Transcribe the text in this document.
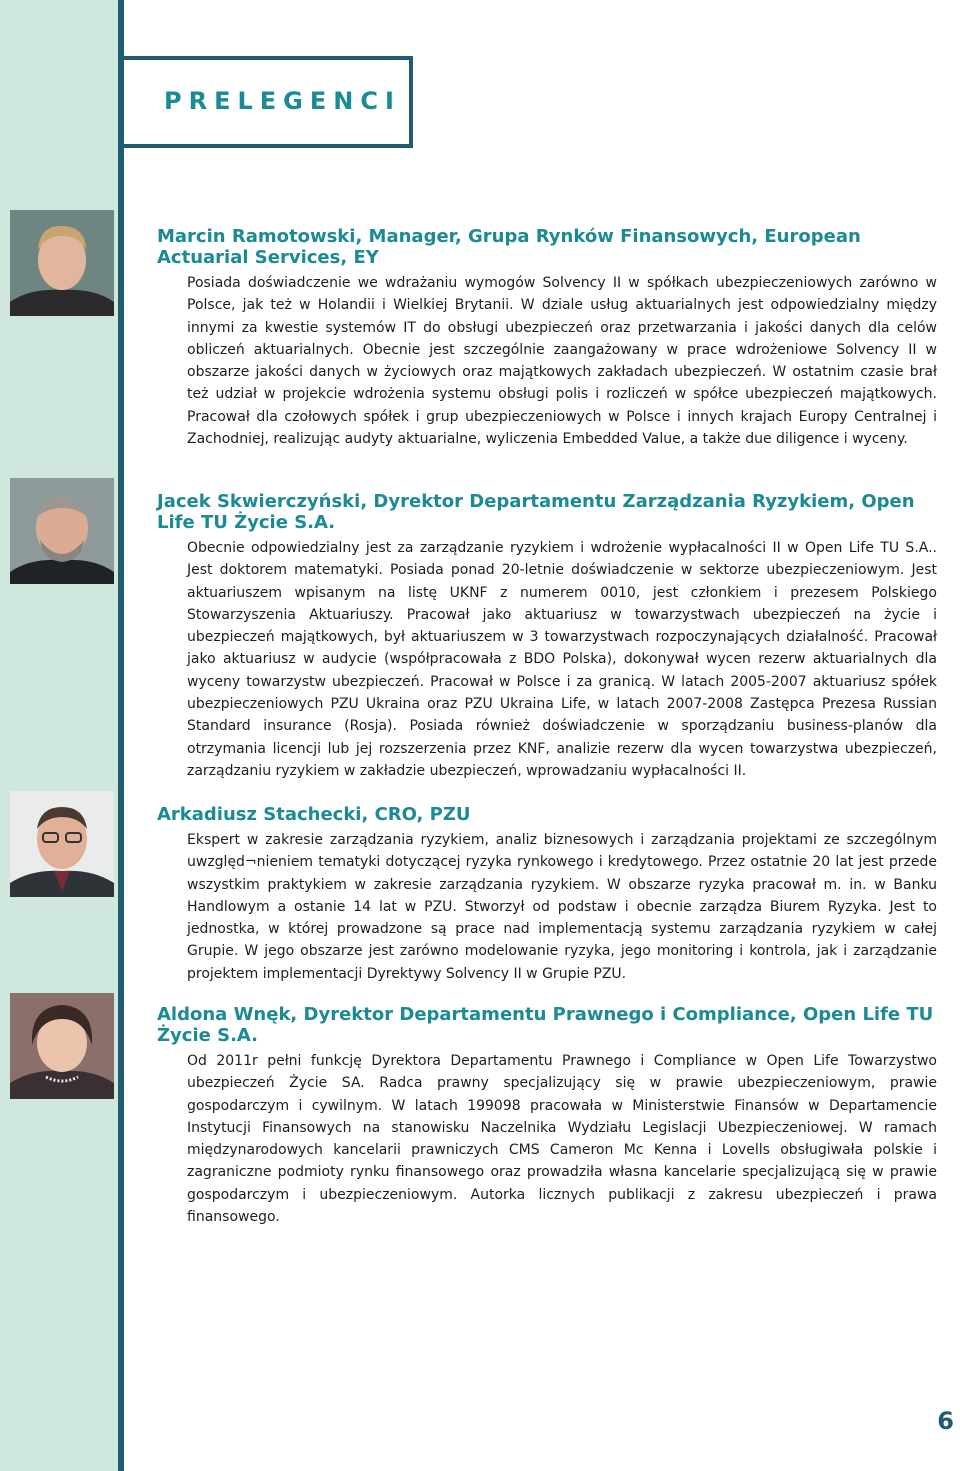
PRELEGENCI

Marcin Ramotowski, Manager, Grupa Rynków Finansowych, European Actuarial Services, EY

Posiada doświadczenie we wdrażaniu wymogów Solvency II w spółkach ubezpieczeniowych zarówno w Polsce, jak też w Holandii i Wielkiej Brytanii. W dziale usług aktuarialnych jest odpowiedzialny między innymi za kwestie systemów IT do obsługi ubezpieczeń oraz przetwarzania i jakości danych dla celów obliczeń aktuarialnych. Obecnie jest szczególnie zaangażowany w prace wdrożeniowe Solvency II w obszarze jakości danych w życiowych oraz majątkowych zakładach ubezpieczeń. W ostatnim czasie brał też udział w projekcie wdrożenia systemu obsługi polis i rozliczeń w spółce ubezpieczeń majątkowych. Pracował dla czołowych spółek i grup ubezpieczeniowych w Polsce i innych krajach Europy Centralnej i Zachodniej, realizując audyty aktuarialne, wyliczenia Embedded Value, a także due diligence i wyceny.

Jacek Skwierczyński, Dyrektor Departamentu Zarządzania Ryzykiem, Open Life TU Życie S.A.

Obecnie odpowiedzialny jest za zarządzanie ryzykiem i wdrożenie wypłacalności II w Open Life TU S.A.. Jest doktorem matematyki. Posiada ponad 20-letnie doświadczenie w sektorze ubezpieczeniowym. Jest aktuariuszem wpisanym na listę UKNF z numerem 0010, jest członkiem i prezesem Polskiego Stowarzyszenia Aktuariuszy. Pracował jako aktuariusz w towarzystwach ubezpieczeń na życie i ubezpieczeń majątkowych, był aktuariuszem w 3 towarzystwach rozpoczynających działalność. Pracował jako aktuariusz w audycie (współpracowała z BDO Polska), dokonywał wycen rezerw aktuarialnych dla wyceny towarzystw ubezpieczeń. Pracował w Polsce i za granicą. W latach 2005-2007 aktuariusz spółek ubezpieczeniowych PZU Ukraina oraz PZU Ukraina Life, w latach 2007-2008 Zastępca Prezesa Russian Standard insurance (Rosja). Posiada również doświadczenie w sporządzaniu business-planów dla otrzymania licencji lub jej rozszerzenia przez KNF, analizie rezerw dla wycen towarzystwa ubezpieczeń, zarządzaniu ryzykiem w zakładzie ubezpieczeń, wprowadzaniu wypłacalności II.

Arkadiusz Stachecki, CRO, PZU

Ekspert w zakresie zarządzania ryzykiem, analiz biznesowych i zarządzania projektami ze szczególnym uwzględ¬nieniem tematyki dotyczącej ryzyka rynkowego i kredytowego. Przez ostatnie 20 lat jest przede wszystkim praktykiem w zakresie zarządzania ryzykiem. W obszarze ryzyka pracował m. in. w Banku Handlowym a ostanie 14 lat w PZU. Stworzył od podstaw i obecnie zarządza Biurem Ryzyka. Jest to jednostka, w której prowadzone są prace nad implementacją systemu zarządzania ryzykiem w całej Grupie. W jego obszarze jest zarówno modelowanie ryzyka, jego monitoring i kontrola, jak i zarządzanie projektem implementacji Dyrektywy Solvency II w Grupie PZU.

Aldona Wnęk, Dyrektor Departamentu Prawnego i Compliance, Open Life TU Życie S.A.

Od 2011r pełni funkcję Dyrektora Departamentu Prawnego i Compliance w Open Life Towarzystwo ubezpieczeń Życie SA. Radca prawny specjalizujący się w prawie ubezpieczeniowym, prawie gospodarczym i cywilnym. W latach 199098 pracowała w Ministerstwie Finansów w Departamencie Instytucji Finansowych na stanowisku Naczelnika Wydziału Legislacji Ubezpieczeniowej. W ramach międzynarodowych kancelarii prawniczych CMS Cameron Mc Kenna i Lovells obsługiwała polskie i zagraniczne podmioty rynku finansowego oraz prowadziła własna kancelarie specjalizującą się w prawie gospodarczym i ubezpieczeniowym. Autorka licznych publikacji z zakresu ubezpieczeń i prawa finansowego.

6
